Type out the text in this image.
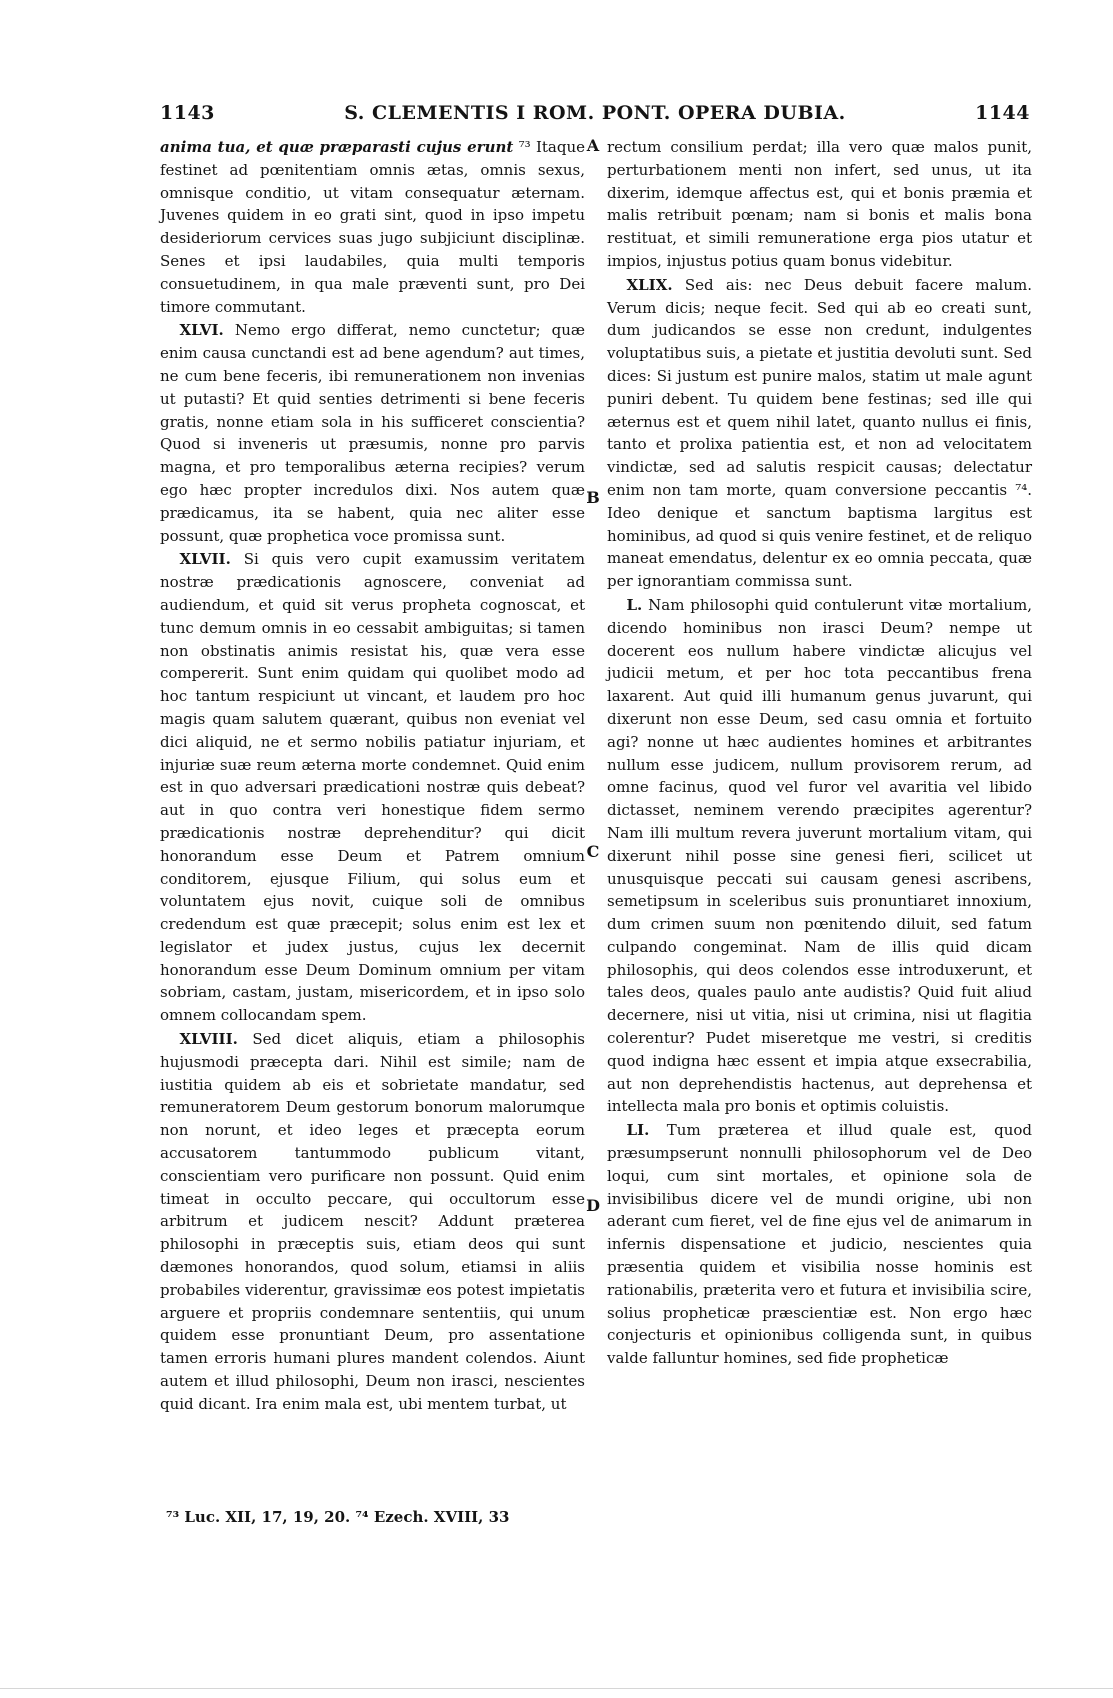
1143	S. CLEMENTIS I ROM. PONT. OPERA DUBIA.	1144

anima tua, et quæ præparasti cujus erunt ⁷³ Itaque festinet ad pœnitentiam omnis ætas, omnis sexus, omnisque conditio, ut vitam consequatur æternam. Juvenes quidem in eo grati sint, quod in ipso impetu desideriorum cervices suas jugo subjiciunt disciplinæ. Senes et ipsi laudabiles, quia multi temporis consuetudinem, in qua male præventi sunt, pro Dei timore commutant.

XLVI. Nemo ergo differat, nemo cunctetur; quæ enim causa cunctandi est ad bene agendum? aut times, ne cum bene feceris, ibi remunerationem non invenias ut putasti? Et quid senties detrimenti si bene feceris gratis, nonne etiam sola in his sufficeret conscientia? Quod si inveneris ut præsumis, nonne pro parvis magna, et pro temporalibus æterna recipies? verum ego hæc propter incredulos dixi. Nos autem quæ prædicamus, ita se habent, quia nec aliter esse possunt, quæ prophetica voce promissa sunt.

XLVII. Si quis vero cupit examussim veritatem nostræ prædicationis agnoscere, conveniat ad audiendum, et quid sit verus propheta cognoscat, et tunc demum omnis in eo cessabit ambiguitas; si tamen non obstinatis animis resistat his, quæ vera esse compererit. Sunt enim quidam qui quolibet modo ad hoc tantum respiciunt ut vincant, et laudem pro hoc magis quam salutem quærant, quibus non eveniat vel dici aliquid, ne et sermo nobilis patiatur injuriam, et injuriæ suæ reum æterna morte condemnet. Quid enim est in quo adversari prædicationi nostræ quis debeat? aut in quo contra veri honestique fidem sermo prædicationis nostræ deprehenditur? qui dicit honorandum esse Deum et Patrem omnium conditorem, ejusque Filium, qui solus eum et voluntatem ejus novit, cuique soli de omnibus credendum est quæ præcepit; solus enim est lex et legislator et judex justus, cujus lex decernit honorandum esse Deum Dominum omnium per vitam sobriam, castam, justam, misericordem, et in ipso solo omnem collocandam spem.

XLVIII. Sed dicet aliquis, etiam a philosophis hujusmodi præcepta dari. Nihil est simile; nam de iustitia quidem ab eis et sobrietate mandatur, sed remuneratorem Deum gestorum bonorum malorumque non norunt, et ideo leges et præcepta eorum accusatorem tantummodo publicum vitant, conscientiam vero purificare non possunt. Quid enim timeat in occulto peccare, qui occultorum esse arbitrum et judicem nescit? Addunt præterea philosophi in præceptis suis, etiam deos qui sunt dæmones honorandos, quod solum, etiamsi in aliis probabiles viderentur, gravissimæ eos potest impietatis arguere et propriis condemnare sententiis, qui unum quidem esse pronuntiant Deum, pro assentatione tamen erroris humani plures mandent colendos. Aiunt autem et illud philosophi, Deum non irasci, nescientes quid dicant. Ira enim mala est, ubi mentem turbat, ut

A
B
C
D

rectum consilium perdat; illa vero quæ malos punit, perturbationem menti non infert, sed unus, ut ita dixerim, idemque affectus est, qui et bonis præmia et malis retribuit pœnam; nam si bonis et malis bona restituat, et simili remuneratione erga pios utatur et impios, injustus potius quam bonus videbitur.

XLIX. Sed ais: nec Deus debuit facere malum. Verum dicis; neque fecit. Sed qui ab eo creati sunt, dum judicandos se esse non credunt, indulgentes voluptatibus suis, a pietate et justitia devoluti sunt. Sed dices: Si justum est punire malos, statim ut male agunt puniri debent. Tu quidem bene festinas; sed ille qui æternus est et quem nihil latet, quanto nullus ei finis, tanto et prolixa patientia est, et non ad velocitatem vindictæ, sed ad salutis respicit causas; delectatur enim non tam morte, quam conversione peccantis ⁷⁴. Ideo denique et sanctum baptisma largitus est hominibus, ad quod si quis venire festinet, et de reliquo maneat emendatus, delentur ex eo omnia peccata, quæ per ignorantiam commissa sunt.

L. Nam philosophi quid contulerunt vitæ mortalium, dicendo hominibus non irasci Deum? nempe ut docerent eos nullum habere vindictæ alicujus vel judicii metum, et per hoc tota peccantibus frena laxarent. Aut quid illi humanum genus juvarunt, qui dixerunt non esse Deum, sed casu omnia et fortuito agi? nonne ut hæc audientes homines et arbitrantes nullum esse judicem, nullum provisorem rerum, ad omne facinus, quod vel furor vel avaritia vel libido dictasset, neminem verendo præcipites agerentur? Nam illi multum revera juverunt mortalium vitam, qui dixerunt nihil posse sine genesi fieri, scilicet ut unusquisque peccati sui causam genesi ascribens, semetipsum in sceleribus suis pronuntiaret innoxium, dum crimen suum non pœnitendo diluit, sed fatum culpando congeminat. Nam de illis quid dicam philosophis, qui deos colendos esse introduxerunt, et tales deos, quales paulo ante audistis? Quid fuit aliud decernere, nisi ut vitia, nisi ut crimina, nisi ut flagitia colerentur? Pudet miseretque me vestri, si creditis quod indigna hæc essent et impia atque exsecrabilia, aut non deprehendistis hactenus, aut deprehensa et intellecta mala pro bonis et optimis coluistis.

LI. Tum præterea et illud quale est, quod præsumpserunt nonnulli philosophorum vel de Deo loqui, cum sint mortales, et opinione sola de invisibilibus dicere vel de mundi origine, ubi non aderant cum fieret, vel de fine ejus vel de animarum in infernis dispensatione et judicio, nescientes quia præsentia quidem et visibilia nosse hominis est rationabilis, præterita vero et futura et invisibilia scire, solius propheticæ præscientiæ est. Non ergo hæc conjecturis et opinionibus colligenda sunt, in quibus valde falluntur homines, sed fide propheticæ

⁷³ Luc. XII, 17, 19, 20. ⁷⁴ Ezech. XVIII, 33
